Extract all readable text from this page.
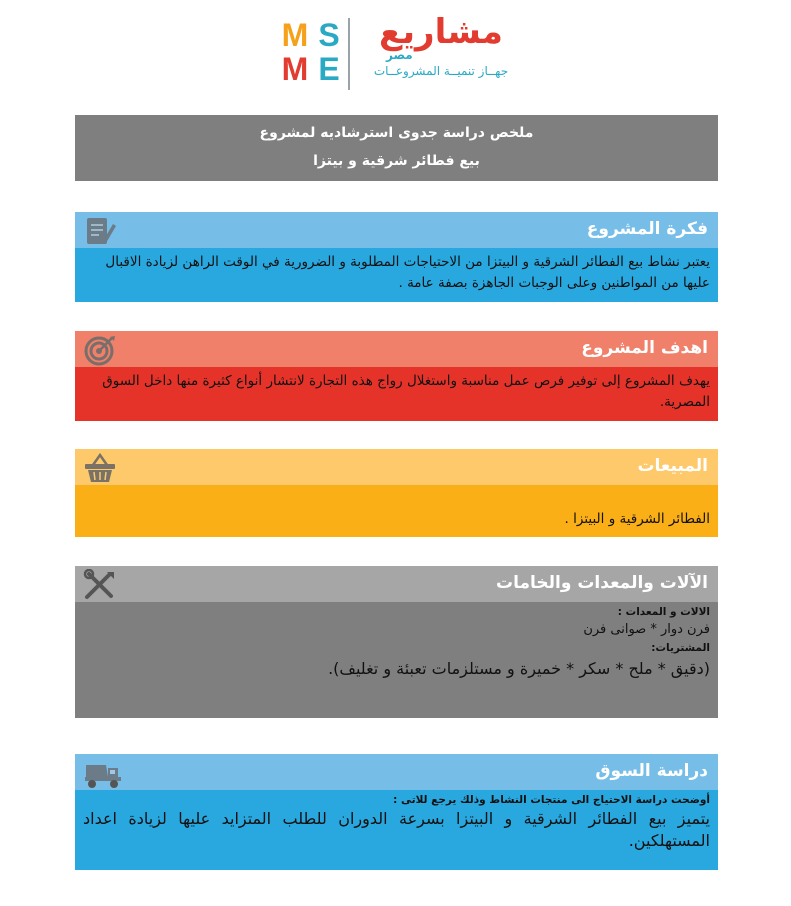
M S
M E
مشاريع
مصر
جهــاز تنميــة المشروعــات
ملخص دراسة جدوى استرشاديه لمشروع
بيع فطائر شرقية و بيتزا
فكرة المشروع
يعتبر نشاط بيع الفطائر الشرقية و البيتزا من الاحتياجات المطلوبة و الضرورية في الوقت الراهن لزيادة الاقبال عليها من المواطنين وعلى الوجبات الجاهزة بصفة عامة .
اهدف المشروع
يهدف المشروع إلى توفير فرص عمل مناسبة واستغلال رواج هذه التجارة لانتشار أنواع كثيرة منها داخل السوق المصرية.
المبيعات
الفطائر الشرقية و البيتزا .
الآلات والمعدات والخامات
الالات و المعدات :
فرن دوار * صوانى فرن
المشتريات:
(دقيق * ملح * سكر * خميرة و مستلزمات تعبئة و تغليف).
دراسة السوق
أوضحت دراسة الاحتياج الى منتجات النشاط وذلك يرجع للاتى :
يتميز بيع الفطائر الشرقية و البيتزا بسرعة الدوران للطلب المتزايد عليها لزيادة اعداد المستهلكين.
